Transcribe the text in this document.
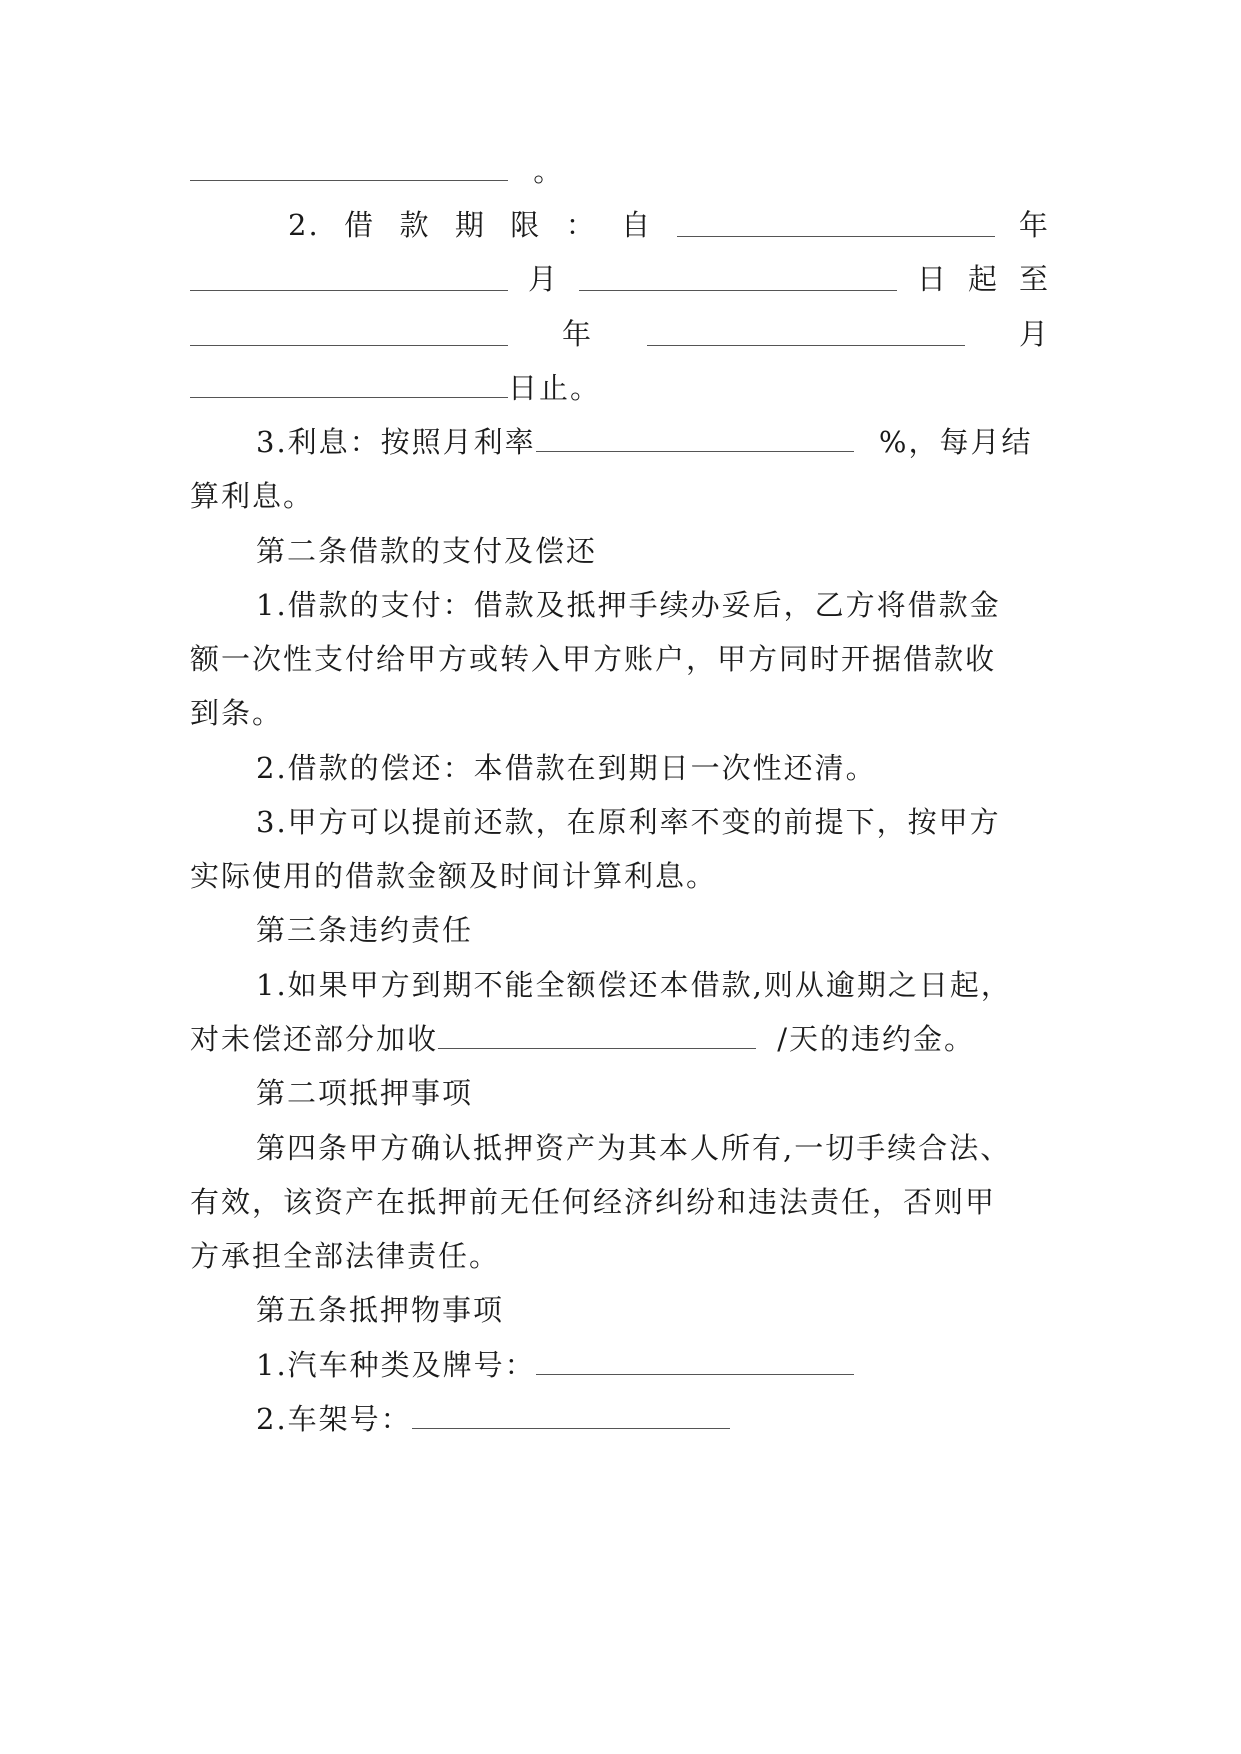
。
2. 借 款 期 限 ： 自	年
月	日 起 至
年	月
日止。
3.利息：按照月利率	%，每月结
算利息。
第二条借款的支付及偿还
1.借款的支付：借款及抵押手续办妥后，乙方将借款金
额一次性支付给甲方或转入甲方账户，甲方同时开据借款收
到条。
2.借款的偿还：本借款在到期日一次性还清。
3.甲方可以提前还款，在原利率不变的前提下，按甲方
实际使用的借款金额及时间计算利息。
第三条违约责任
1.如果甲方到期不能全额偿还本借款,则从逾期之日起，
对未偿还部分加收	/天的违约金。
第二项抵押事项
第四条甲方确认抵押资产为其本人所有,一切手续合法、
有效，该资产在抵押前无任何经济纠纷和违法责任，否则甲
方承担全部法律责任。
第五条抵押物事项
1.汽车种类及牌号：
2.车架号：
